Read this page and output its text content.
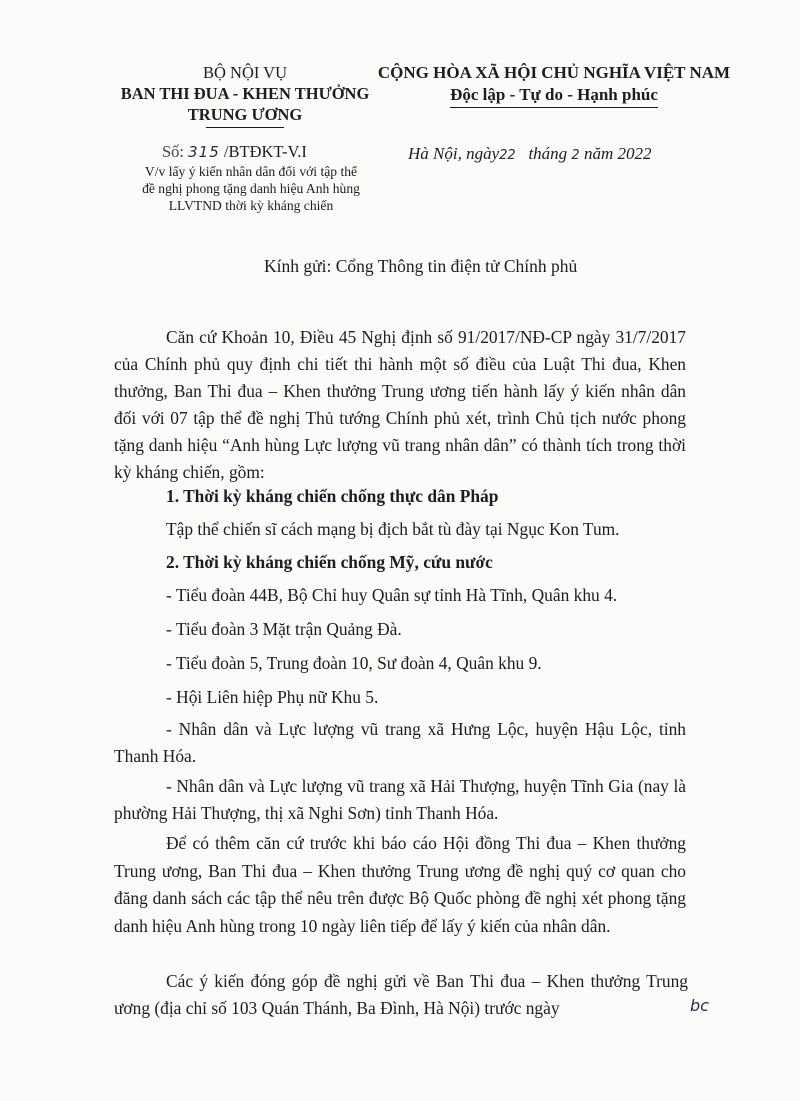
BỘ NỘI VỤ
BAN THI ĐUA - KHEN THƯỞNG
TRUNG ƯƠNG
CỘNG HÒA XÃ HỘI CHỦ NGHĨA VIỆT NAM
Độc lập - Tự do - Hạnh phúc
Số: 315 /BTĐKT-V.I
V/v lấy ý kiến nhân dân đối với tập thể
đề nghị phong tặng danh hiệu Anh hùng
LLVTND thời kỳ kháng chiến
Hà Nội, ngày22 tháng 2 năm 2022
Kính gửi: Cổng Thông tin điện tử Chính phủ

Căn cứ Khoản 10, Điều 45 Nghị định số 91/2017/NĐ-CP ngày 31/7/2017 của Chính phủ quy định chi tiết thi hành một số điều của Luật Thi đua, Khen thưởng, Ban Thi đua – Khen thưởng Trung ương tiến hành lấy ý kiến nhân dân đối với 07 tập thể đề nghị Thủ tướng Chính phủ xét, trình Chủ tịch nước phong tặng danh hiệu “Anh hùng Lực lượng vũ trang nhân dân” có thành tích trong thời kỳ kháng chiến, gồm:

1. Thời kỳ kháng chiến chống thực dân Pháp
Tập thể chiến sĩ cách mạng bị địch bắt tù đày tại Ngục Kon Tum.
2. Thời kỳ kháng chiến chống Mỹ, cứu nước
- Tiểu đoàn 44B, Bộ Chỉ huy Quân sự tỉnh Hà Tĩnh, Quân khu 4.
- Tiểu đoàn 3 Mặt trận Quảng Đà.
- Tiểu đoàn 5, Trung đoàn 10, Sư đoàn 4, Quân khu 9.
- Hội Liên hiệp Phụ nữ Khu 5.

- Nhân dân và Lực lượng vũ trang xã Hưng Lộc, huyện Hậu Lộc, tỉnh Thanh Hóa.

- Nhân dân và Lực lượng vũ trang xã Hải Thượng, huyện Tĩnh Gia (nay là phường Hải Thượng, thị xã Nghi Sơn) tỉnh Thanh Hóa.

Để có thêm căn cứ trước khi báo cáo Hội đồng Thi đua – Khen thưởng Trung ương, Ban Thi đua – Khen thưởng Trung ương đề nghị quý cơ quan cho đăng danh sách các tập thể nêu trên được Bộ Quốc phòng đề nghị xét phong tặng danh hiệu Anh hùng trong 10 ngày liên tiếp để lấy ý kiến của nhân dân.

Các ý kiến đóng góp đề nghị gửi về Ban Thi đua – Khen thưởng Trung ương (địa chỉ số 103 Quán Thánh, Ba Đình, Hà Nội) trước ngày	bc
